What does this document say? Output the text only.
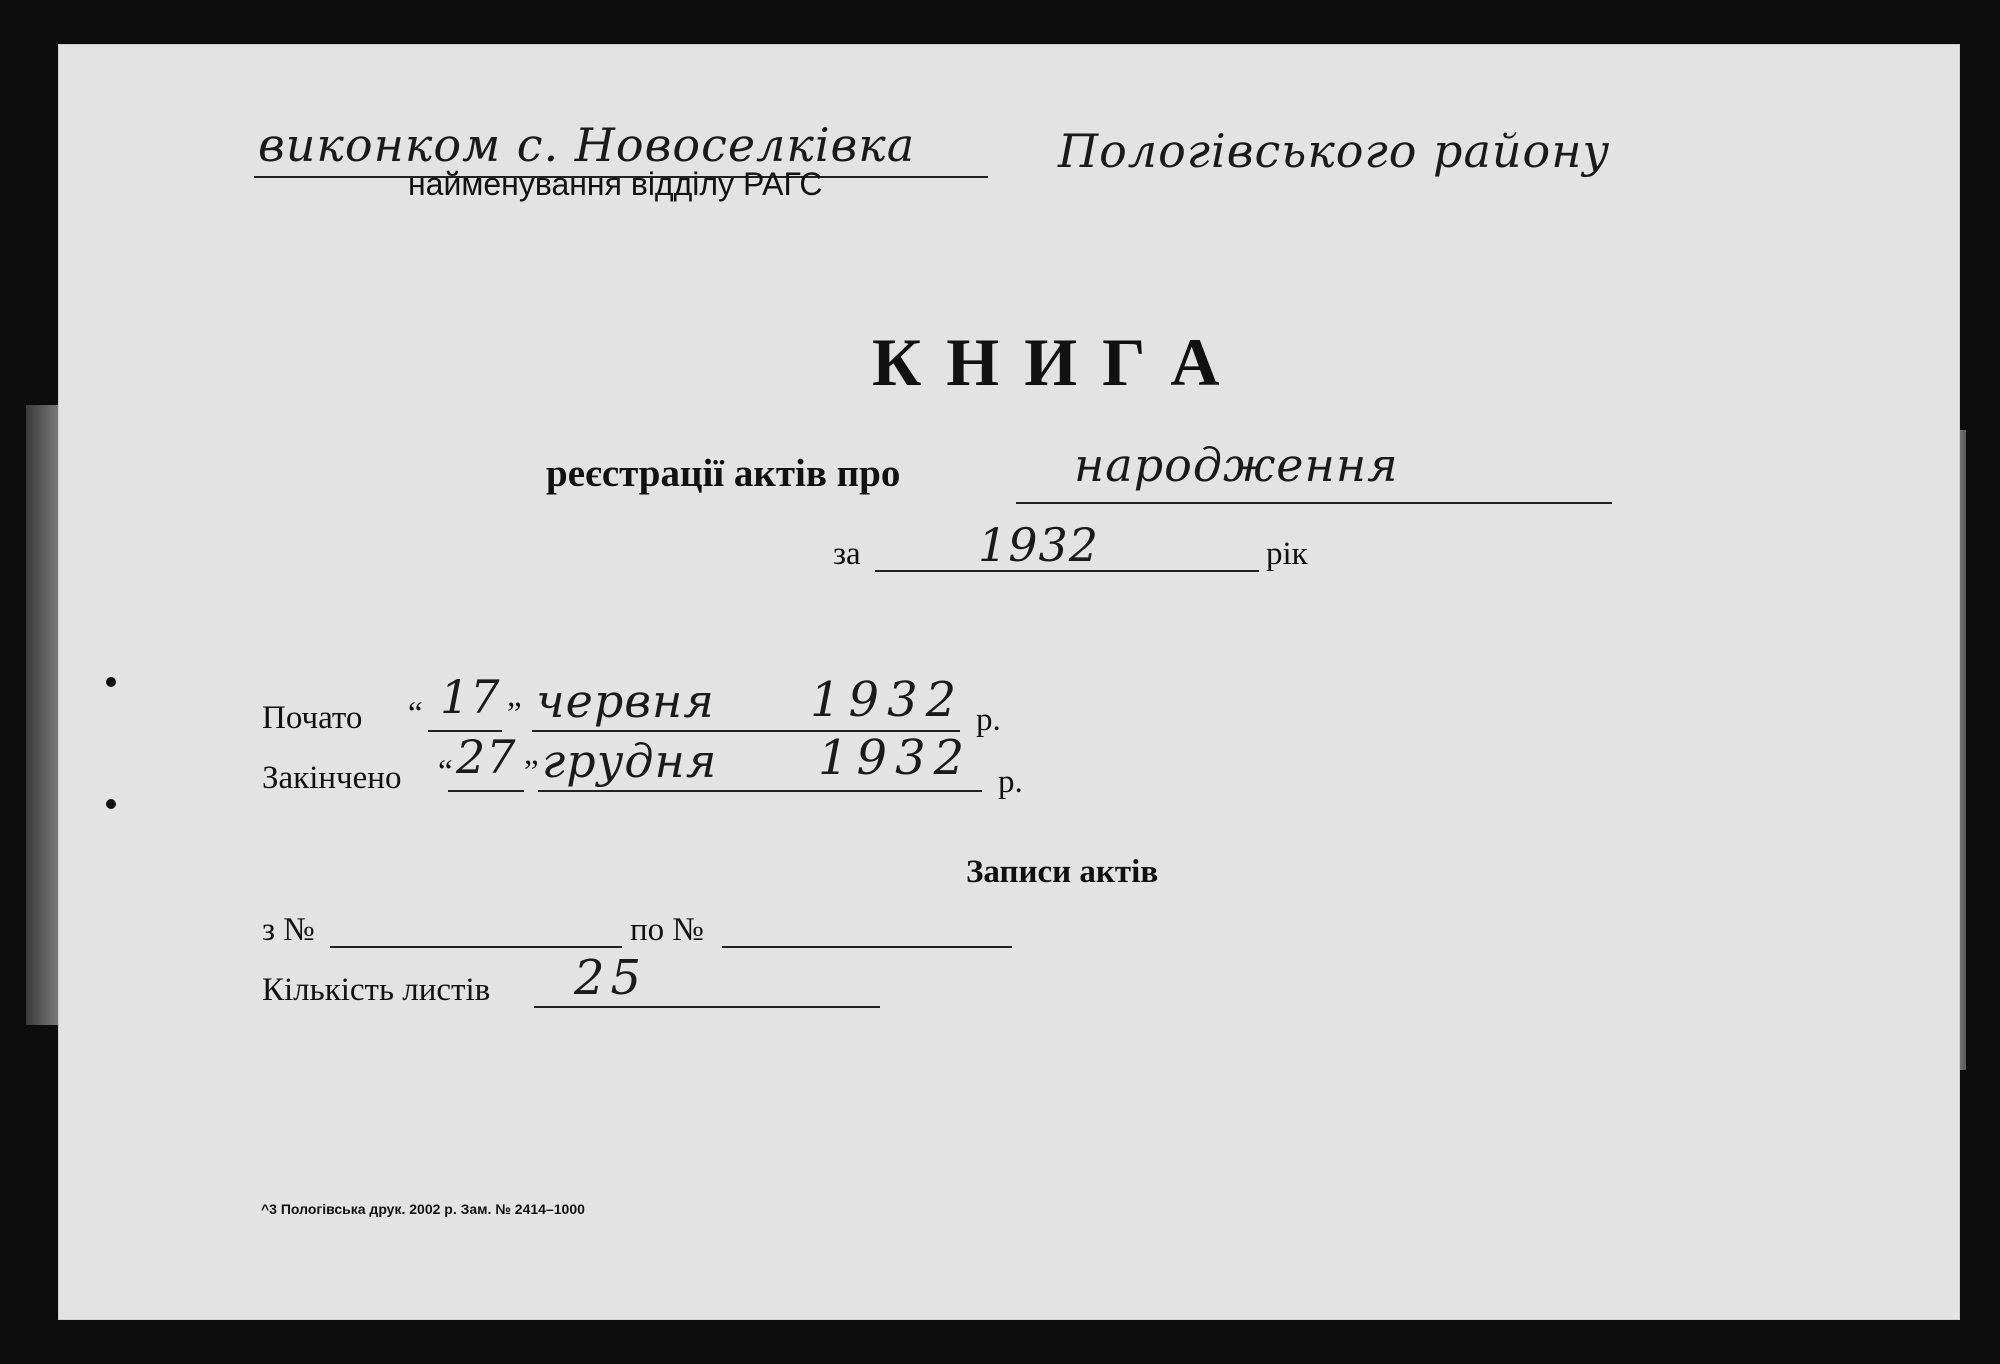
виконком с. Новоселківка	Пологівського району
найменування відділу РАГС
К Н И Г А
реєстрації актів про	народження
за	1932	рік
Почато “ 17 ” червня 1932 р.
Закінчено “ 27 ” грудня 1932 р.
Записи актів
з №	по №
Кількість листів 25
^3 Пологівська друк. 2002 р. Зам. № 2414–1000
